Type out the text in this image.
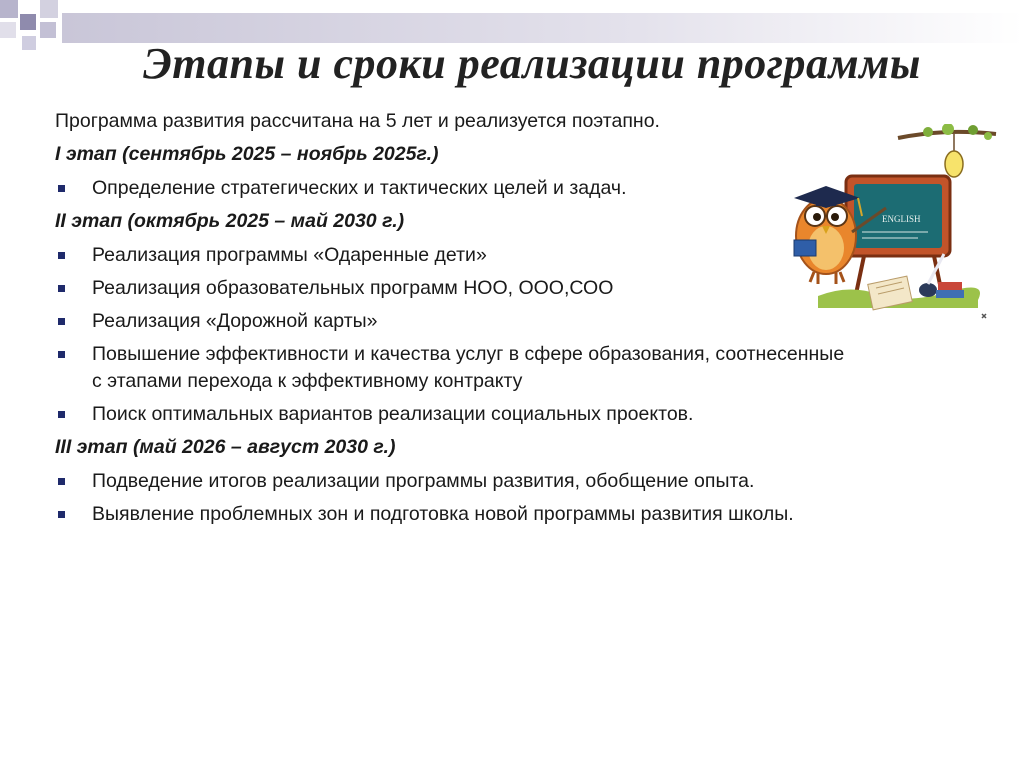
Этапы и сроки реализации программы

Программа развития рассчитана на 5 лет и реализуется поэтапно.

I этап (сентябрь 2025 – ноябрь 2025г.)
Определение стратегических и тактических целей и задач.
II этап (октябрь 2025 – май 2030 г.)
Реализация программы «Одаренные дети»
Реализация образовательных программ НОО, ООО,СОО
Реализация «Дорожной карты»
Повышение эффективности и качества услуг в сфере образования, соотнесенные с этапами перехода к эффективному контракту
Поиск оптимальных вариантов реализации социальных проектов.
III этап (май 2026 – август 2030 г.)
Подведение итогов реализации программы развития, обобщение опыта.
Выявление проблемных зон и подготовка новой программы развития школы.
ENGLISH
